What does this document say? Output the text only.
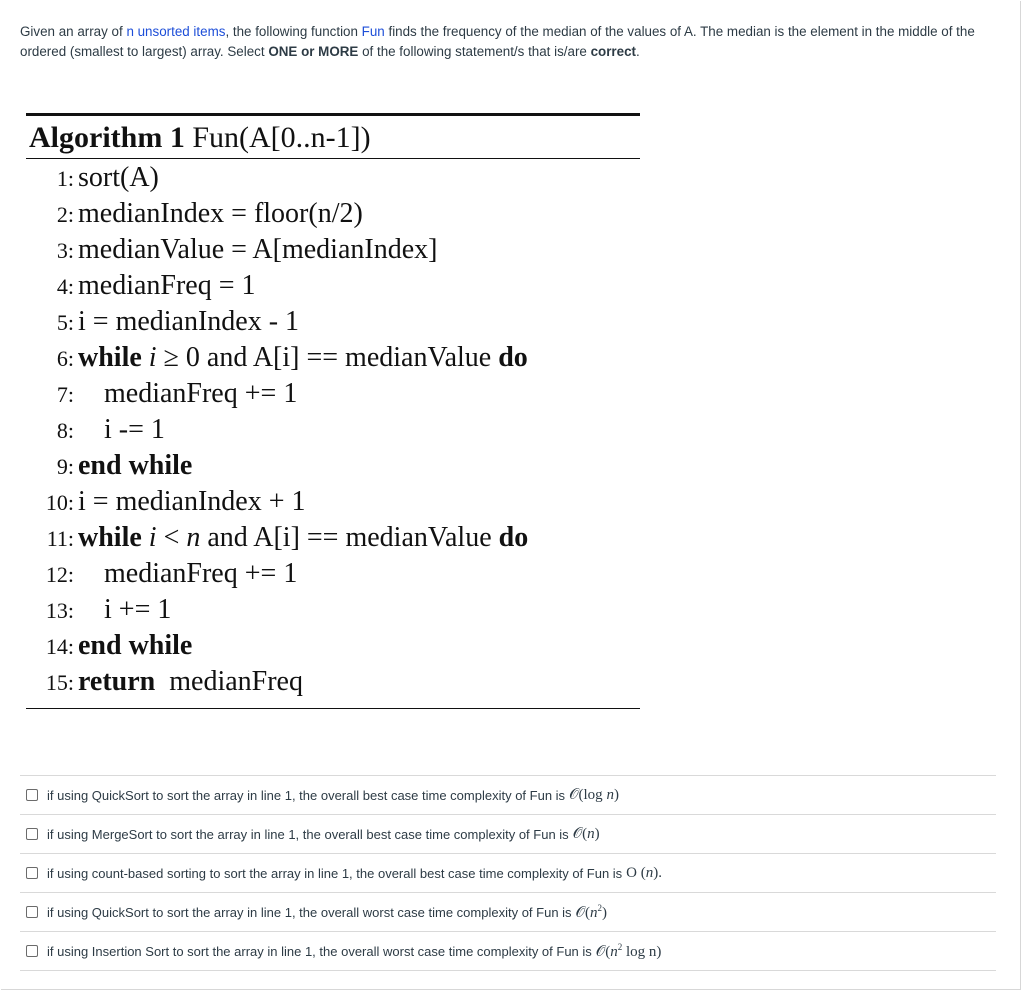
Given an array of n unsorted items, the following function Fun finds the frequency of the median of the values of A. The median is the element in the middle of the ordered (smallest to largest) array. Select ONE or MORE of the following statement/s that is/are correct.
Algorithm 1 Fun(A[0..n-1])
1: sort(A)
2: medianIndex = floor(n/2)
3: medianValue = A[medianIndex]
4: medianFreq = 1
5: i = medianIndex - 1
6: while i ≥ 0 and A[i] == medianValue do
7: medianFreq += 1
8: i -= 1
9: end while
10: i = medianIndex + 1
11: while i < n and A[i] == medianValue do
12: medianFreq += 1
13: i += 1
14: end while
15: return medianFreq
if using QuickSort to sort the array in line 1, the overall best case time complexity of Fun is 𝒪(log n)
if using MergeSort to sort the array in line 1, the overall best case time complexity of Fun is 𝒪(n)
if using count-based sorting to sort the array in line 1, the overall best case time complexity of Fun is O (n).
if using QuickSort to sort the array in line 1, the overall worst case time complexity of Fun is $𝒪(n^2)$
if using Insertion Sort to sort the array in line 1, the overall worst case time complexity of Fun is $𝒪(n^2$ log n)
